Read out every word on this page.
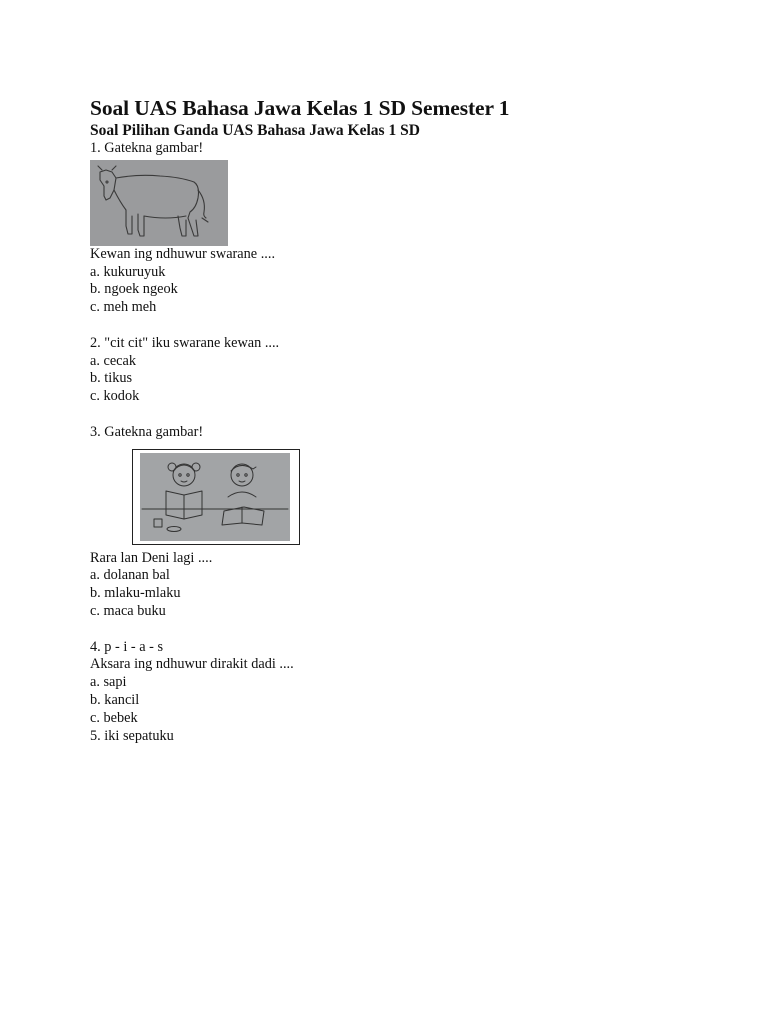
Soal UAS Bahasa Jawa Kelas 1 SD Semester 1
Soal Pilihan Ganda UAS Bahasa Jawa Kelas 1 SD
1. Gatekna gambar!
Kewan ing ndhuwur swarane ....
a. kukuruyuk
b. ngoek ngeok
c. meh meh
2. "cit cit" iku swarane kewan ....
a. cecak
b. tikus
c. kodok
3. Gatekna gambar!
Rara lan Deni lagi ....
a. dolanan bal
b. mlaku-mlaku
c. maca buku
4. p - i - a - s
Aksara ing ndhuwur dirakit dadi ....
a. sapi
b. kancil
c. bebek
5. iki sepatuku
